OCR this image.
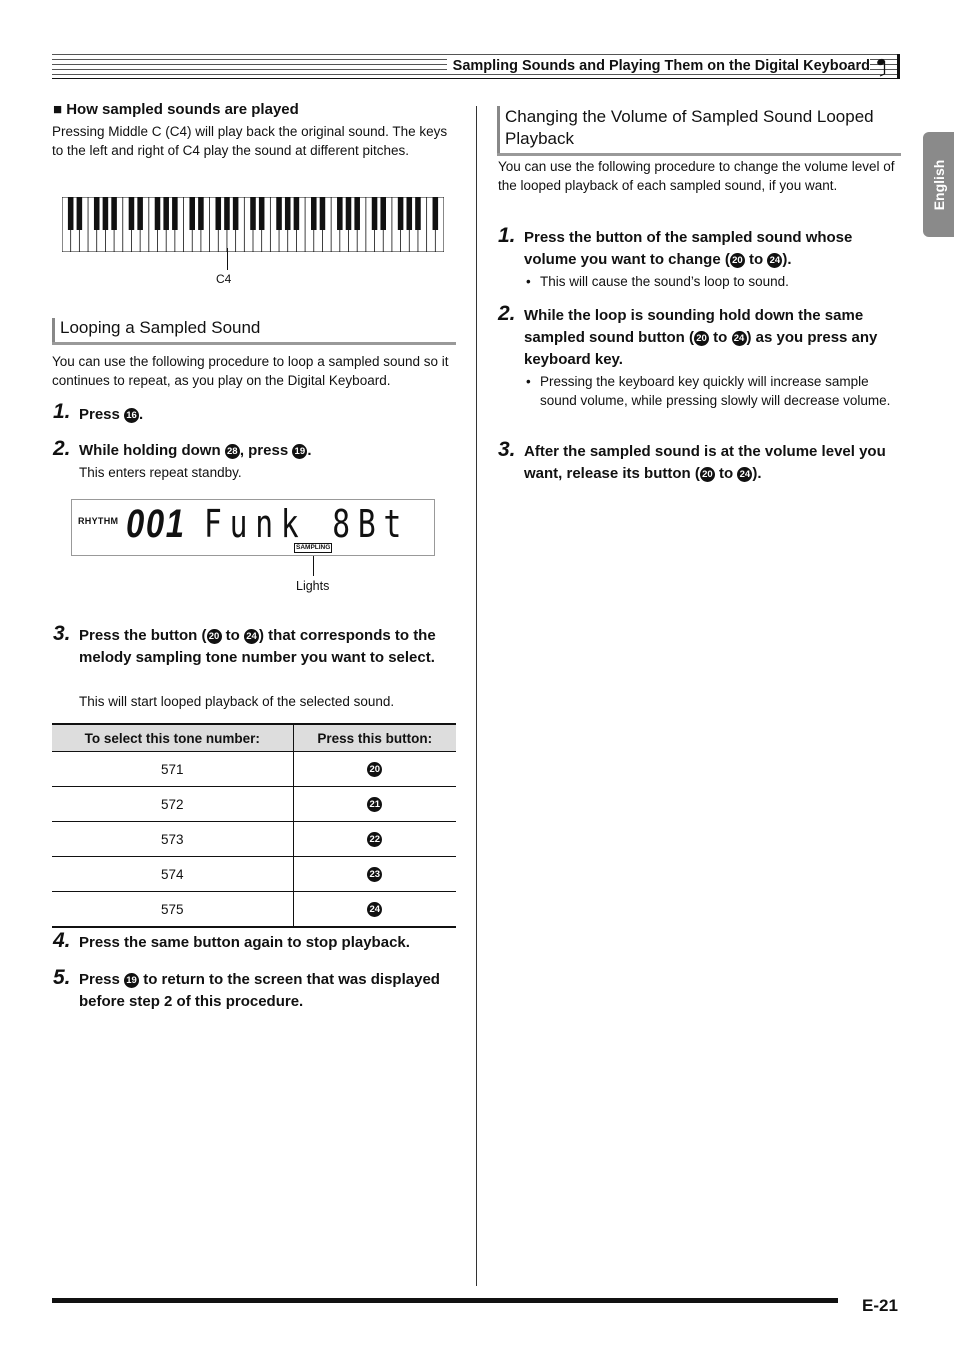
Sampling Sounds and Playing Them on the Digital Keyboard
English
■ How sampled sounds are played
Pressing Middle C (C4) will play back the original sound. The keys to the left and right of C4 play the sound at different pitches.
C4
Looping a Sampled Sound
You can use the following procedure to loop a sampled sound so it continues to repeat, as you play on the Digital Keyboard.
1. Press 16 .
2. While holding down 28 , press 19 .
This enters repeat standby.
RHYTHM 001 Funk 8Bt
SAMPLING
Lights
3. Press the button ( 20 to 24 ) that corresponds to the melody sampling tone number you want to select.
This will start looped playback of the selected sound.
To select this tone number:	Press this button:
571	20
572	21
573	22
574	23
575	24
4. Press the same button again to stop playback.
5. Press 19 to return to the screen that was displayed before step 2 of this procedure.
Changing the Volume of Sampled Sound Looped Playback
You can use the following procedure to change the volume level of the looped playback of each sampled sound, if you want.
1. Press the button of the sampled sound whose volume you want to change ( 20 to 24 ).
• This will cause the sound’s loop to sound.
2. While the loop is sounding hold down the same sampled sound button ( 20 to 24 ) as you press any keyboard key.
• Pressing the keyboard key quickly will increase sample sound volume, while pressing slowly will decrease volume.
3. After the sampled sound is at the volume level you want, release its button ( 20 to 24 ).
E-21
